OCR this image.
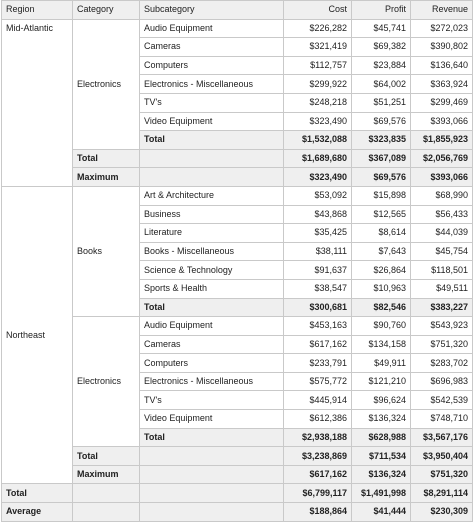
Region	Category	Subcategory	Cost	Profit	Revenue
Mid-Atlantic	Electronics	Audio Equipment	$226,282	$45,741	$272,023
		Cameras	$321,419	$69,382	$390,802
		Computers	$112,757	$23,884	$136,640
		Electronics - Miscellaneous	$299,922	$64,002	$363,924
		TV's	$248,218	$51,251	$299,469
		Video Equipment	$323,490	$69,576	$393,066
		Total	$1,532,088	$323,835	$1,855,923
	Total		$1,689,680	$367,089	$2,056,769
	Maximum		$323,490	$69,576	$393,066
Northeast	Books	Art & Architecture	$53,092	$15,898	$68,990
		Business	$43,868	$12,565	$56,433
		Literature	$35,425	$8,614	$44,039
		Books - Miscellaneous	$38,111	$7,643	$45,754
		Science & Technology	$91,637	$26,864	$118,501
		Sports & Health	$38,547	$10,963	$49,511
		Total	$300,681	$82,546	$383,227
	Electronics	Audio Equipment	$453,163	$90,760	$543,923
		Cameras	$617,162	$134,158	$751,320
		Computers	$233,791	$49,911	$283,702
		Electronics - Miscellaneous	$575,772	$121,210	$696,983
		TV's	$445,914	$96,624	$542,539
		Video Equipment	$612,386	$136,324	$748,710
		Total	$2,938,188	$628,988	$3,567,176
	Total		$3,238,869	$711,534	$3,950,404
	Maximum		$617,162	$136,324	$751,320
Total			$6,799,117	$1,491,998	$8,291,114
Average			$188,864	$41,444	$230,309
